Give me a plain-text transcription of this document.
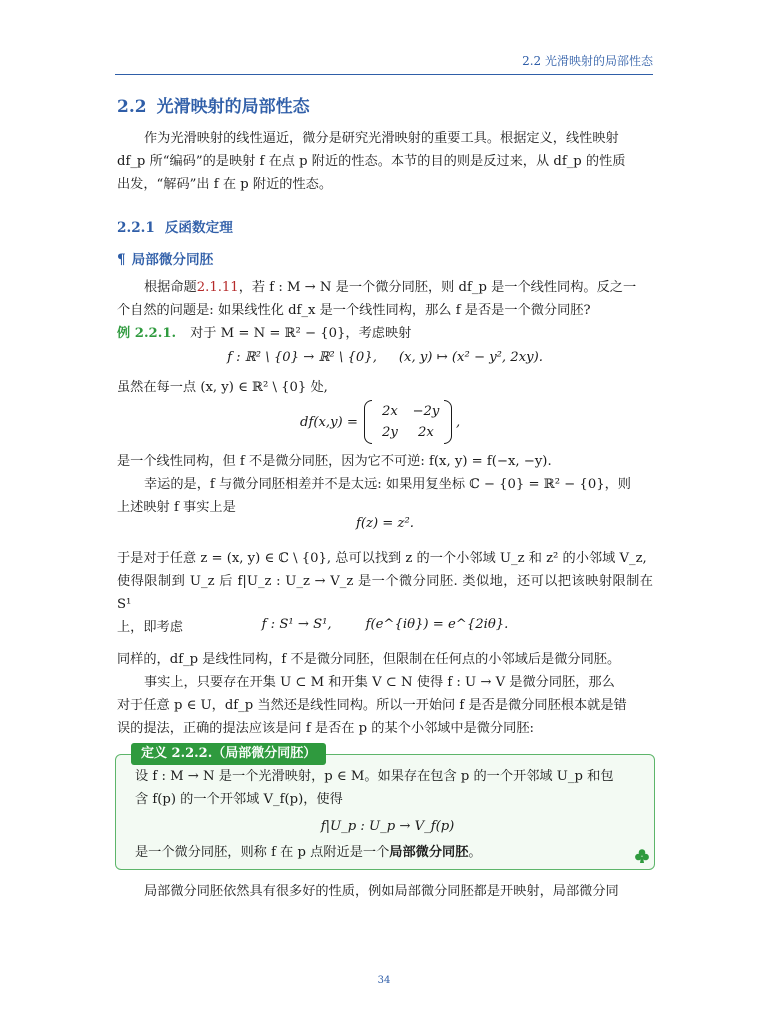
2.2 光滑映射的局部性态
2.2 光滑映射的局部性态
作为光滑映射的线性逼近，微分是研究光滑映射的重要工具。根据定义，线性映射
df_p 所“编码”的是映射 f 在点 p 附近的性态。本节的目的则是反过来，从 df_p 的性质
出发，“解码”出 f 在 p 附近的性态。
2.2.1 反函数定理
¶ 局部微分同胚
根据命题2.1.11，若 f : M → N 是一个微分同胚，则 df_p 是一个线性同构。反之一
个自然的问题是: 如果线性化 df_x 是一个线性同构，那么 f 是否是一个微分同胚?
例 2.2.1. 对于 M = N = ℝ² − {0}，考虑映射
f : ℝ² \ {0} → ℝ² \ {0}, (x, y) ↦ (x² − y², 2xy).
虽然在每一点 (x, y) ∈ ℝ² \ {0} 处,
df(x,y) =
2x	−2y
2y	2x
,
是一个线性同构，但 f 不是微分同胚，因为它不可逆: f(x, y) = f(−x, −y).
幸运的是，f 与微分同胚相差并不是太远: 如果用复坐标 ℂ − {0} = ℝ² − {0}，则
上述映射 f 事实上是
f(z) = z².
于是对于任意 z = (x, y) ∈ ℂ \ {0}, 总可以找到 z 的一个小邻域 U_z 和 z² 的小邻域 V_z,
使得限制到 U_z 后 f|U_z : U_z → V_z 是一个微分同胚. 类似地，还可以把该映射限制在 S¹
上，即考虑	f : S¹ → S¹,	f(e^{iθ}) = e^{2iθ}.
同样的，df_p 是线性同构，f 不是微分同胚，但限制在任何点的小邻域后是微分同胚。
事实上，只要存在开集 U ⊂ M 和开集 V ⊂ N 使得 f : U → V 是微分同胚，那么
对于任意 p ∈ U，df_p 当然还是线性同构。所以一开始问 f 是否是微分同胚根本就是错
误的提法，正确的提法应该是问 f 是否在 p 的某个小邻域中是微分同胚:
定义 2.2.2.（局部微分同胚）
设 f : M → N 是一个光滑映射，p ∈ M。如果存在包含 p 的一个开邻域 U_p 和包
含 f(p) 的一个开邻域 V_f(p)，使得
f|U_p : U_p → V_f(p)
是一个微分同胚，则称 f 在 p 点附近是一个局部微分同胚。
局部微分同胚依然具有很多好的性质，例如局部微分同胚都是开映射，局部微分同
34
